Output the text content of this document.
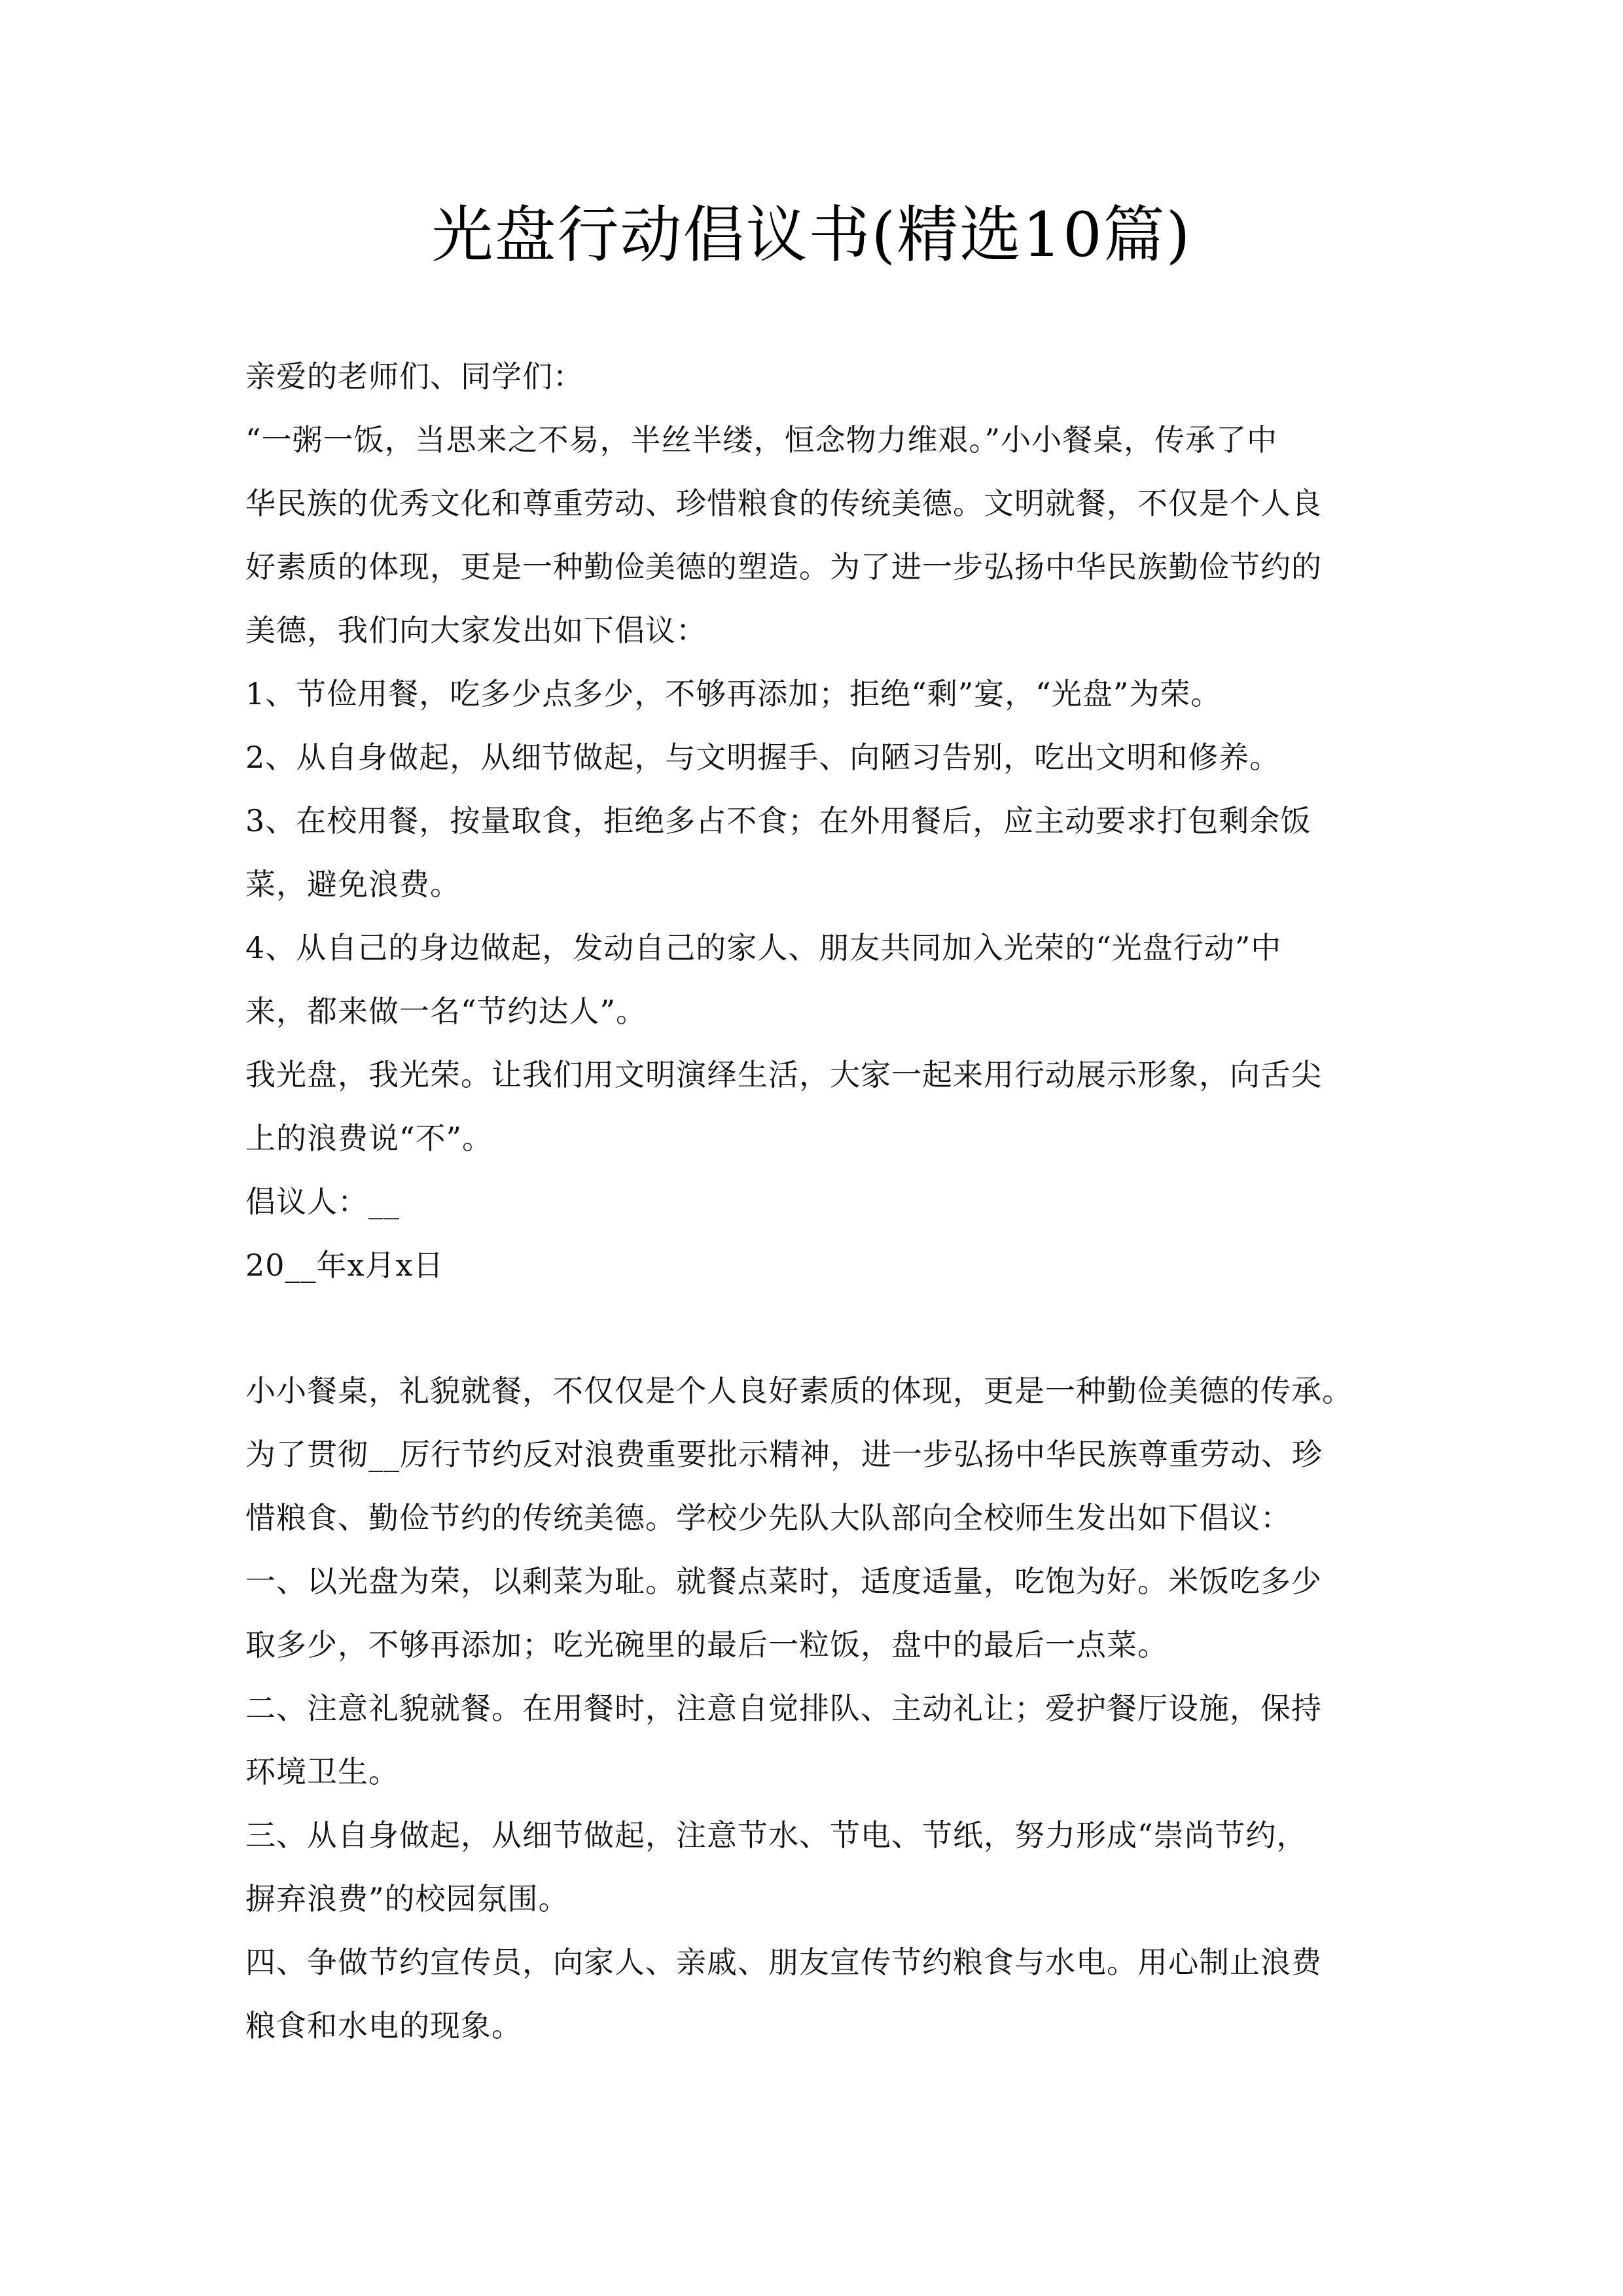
光盘行动倡议书(精选10篇)
亲爱的老师们、同学们：
“一粥一饭，当思来之不易，半丝半缕，恒念物力维艰。”小小餐桌，传承了中
华民族的优秀文化和尊重劳动、珍惜粮食的传统美德。文明就餐，不仅是个人良
好素质的体现，更是一种勤俭美德的塑造。为了进一步弘扬中华民族勤俭节约的
美德，我们向大家发出如下倡议：
1、节俭用餐，吃多少点多少，不够再添加；拒绝“剩”宴，“光盘”为荣。
2、从自身做起，从细节做起，与文明握手、向陋习告别，吃出文明和修养。
3、在校用餐，按量取食，拒绝多占不食；在外用餐后，应主动要求打包剩余饭
菜，避免浪费。
4、从自己的身边做起，发动自己的家人、朋友共同加入光荣的“光盘行动”中
来，都来做一名“节约达人”。
我光盘，我光荣。让我们用文明演绎生活，大家一起来用行动展示形象，向舌尖
上的浪费说“不”。
倡议人：__
20__年x月x日
小小餐桌，礼貌就餐，不仅仅是个人良好素质的体现，更是一种勤俭美德的传承。
为了贯彻__厉行节约反对浪费重要批示精神，进一步弘扬中华民族尊重劳动、珍
惜粮食、勤俭节约的传统美德。学校少先队大队部向全校师生发出如下倡议：
一、以光盘为荣，以剩菜为耻。就餐点菜时，适度适量，吃饱为好。米饭吃多少
取多少，不够再添加；吃光碗里的最后一粒饭，盘中的最后一点菜。
二、注意礼貌就餐。在用餐时，注意自觉排队、主动礼让；爱护餐厅设施，保持
环境卫生。
三、从自身做起，从细节做起，注意节水、节电、节纸，努力形成“崇尚节约，
摒弃浪费”的校园氛围。
四、争做节约宣传员，向家人、亲戚、朋友宣传节约粮食与水电。用心制止浪费
粮食和水电的现象。
